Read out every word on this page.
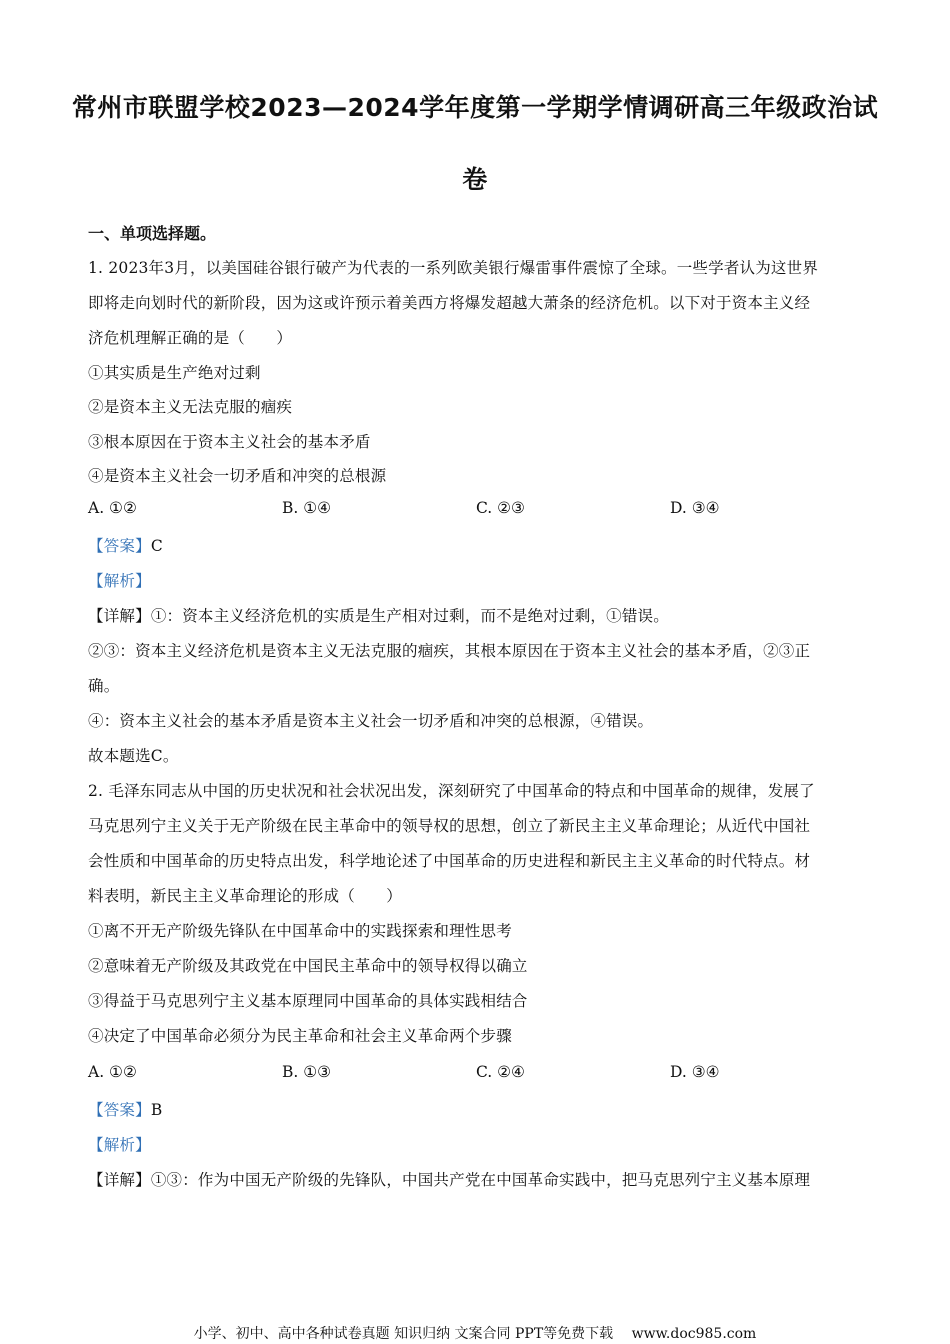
常州市联盟学校2023—2024学年度第一学期学情调研高三年级政治试
卷
一、单项选择题。
1. 2023年3月，以美国硅谷银行破产为代表的一系列欧美银行爆雷事件震惊了全球。一些学者认为这世界
即将走向划时代的新阶段，因为这或许预示着美西方将爆发超越大萧条的经济危机。以下对于资本主义经
济危机理解正确的是（　　）
①其实质是生产绝对过剩
②是资本主义无法克服的痼疾
③根本原因在于资本主义社会的基本矛盾
④是资本主义社会一切矛盾和冲突的总根源
A. ①②	B. ①④	C. ②③	D. ③④
【答案】C
【解析】
【详解】①：资本主义经济危机的实质是生产相对过剩，而不是绝对过剩，①错误。
②③：资本主义经济危机是资本主义无法克服的痼疾，其根本原因在于资本主义社会的基本矛盾，②③正
确。
④：资本主义社会的基本矛盾是资本主义社会一切矛盾和冲突的总根源，④错误。
故本题选C。
2. 毛泽东同志从中国的历史状况和社会状况出发，深刻研究了中国革命的特点和中国革命的规律，发展了
马克思列宁主义关于无产阶级在民主革命中的领导权的思想，创立了新民主主义革命理论；从近代中国社
会性质和中国革命的历史特点出发，科学地论述了中国革命的历史进程和新民主主义革命的时代特点。材
料表明，新民主主义革命理论的形成（　　）
①离不开无产阶级先锋队在中国革命中的实践探索和理性思考
②意味着无产阶级及其政党在中国民主革命中的领导权得以确立
③得益于马克思列宁主义基本原理同中国革命的具体实践相结合
④决定了中国革命必须分为民主革命和社会主义革命两个步骤
A. ①②	B. ①③	C. ②④	D. ③④
【答案】B
【解析】
【详解】①③：作为中国无产阶级的先锋队，中国共产党在中国革命实践中，把马克思列宁主义基本原理
小学、初中、高中各种试卷真题 知识归纳 文案合同 PPT等免费下载　 www.doc985.com
